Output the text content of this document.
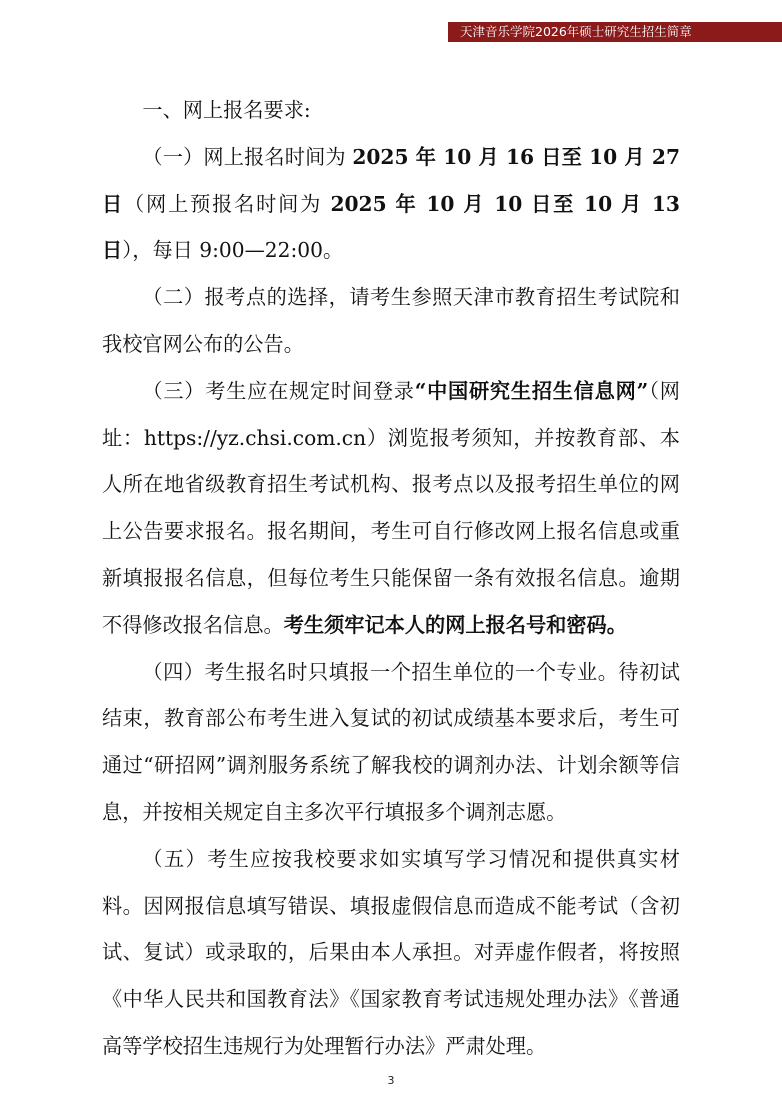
天津音乐学院2026年硕士研究生招生简章
一、网上报名要求:

（一）网上报名时间为 2025 年 10 月 16 日至 10 月 27 日（网上预报名时间为 2025 年 10 月 10 日至 10 月 13 日），每日 9:00—22:00。

（二）报考点的选择，请考生参照天津市教育招生考试院和我校官网公布的公告。

（三）考生应在规定时间登录“中国研究生招生信息网”（网址：https://yz.chsi.com.cn）浏览报考须知，并按教育部、本人所在地省级教育招生考试机构、报考点以及报考招生单位的网上公告要求报名。报名期间，考生可自行修改网上报名信息或重新填报报名信息，但每位考生只能保留一条有效报名信息。逾期不得修改报名信息。考生须牢记本人的网上报名号和密码。

（四）考生报名时只填报一个招生单位的一个专业。待初试结束，教育部公布考生进入复试的初试成绩基本要求后，考生可通过“研招网”调剂服务系统了解我校的调剂办法、计划余额等信息，并按相关规定自主多次平行填报多个调剂志愿。

（五）考生应按我校要求如实填写学习情况和提供真实材料。因网报信息填写错误、填报虚假信息而造成不能考试（含初试、复试）或录取的，后果由本人承担。对弄虚作假者，将按照《中华人民共和国教育法》《国家教育考试违规处理办法》《普通高等学校招生违规行为处理暂行办法》严肃处理。

3
